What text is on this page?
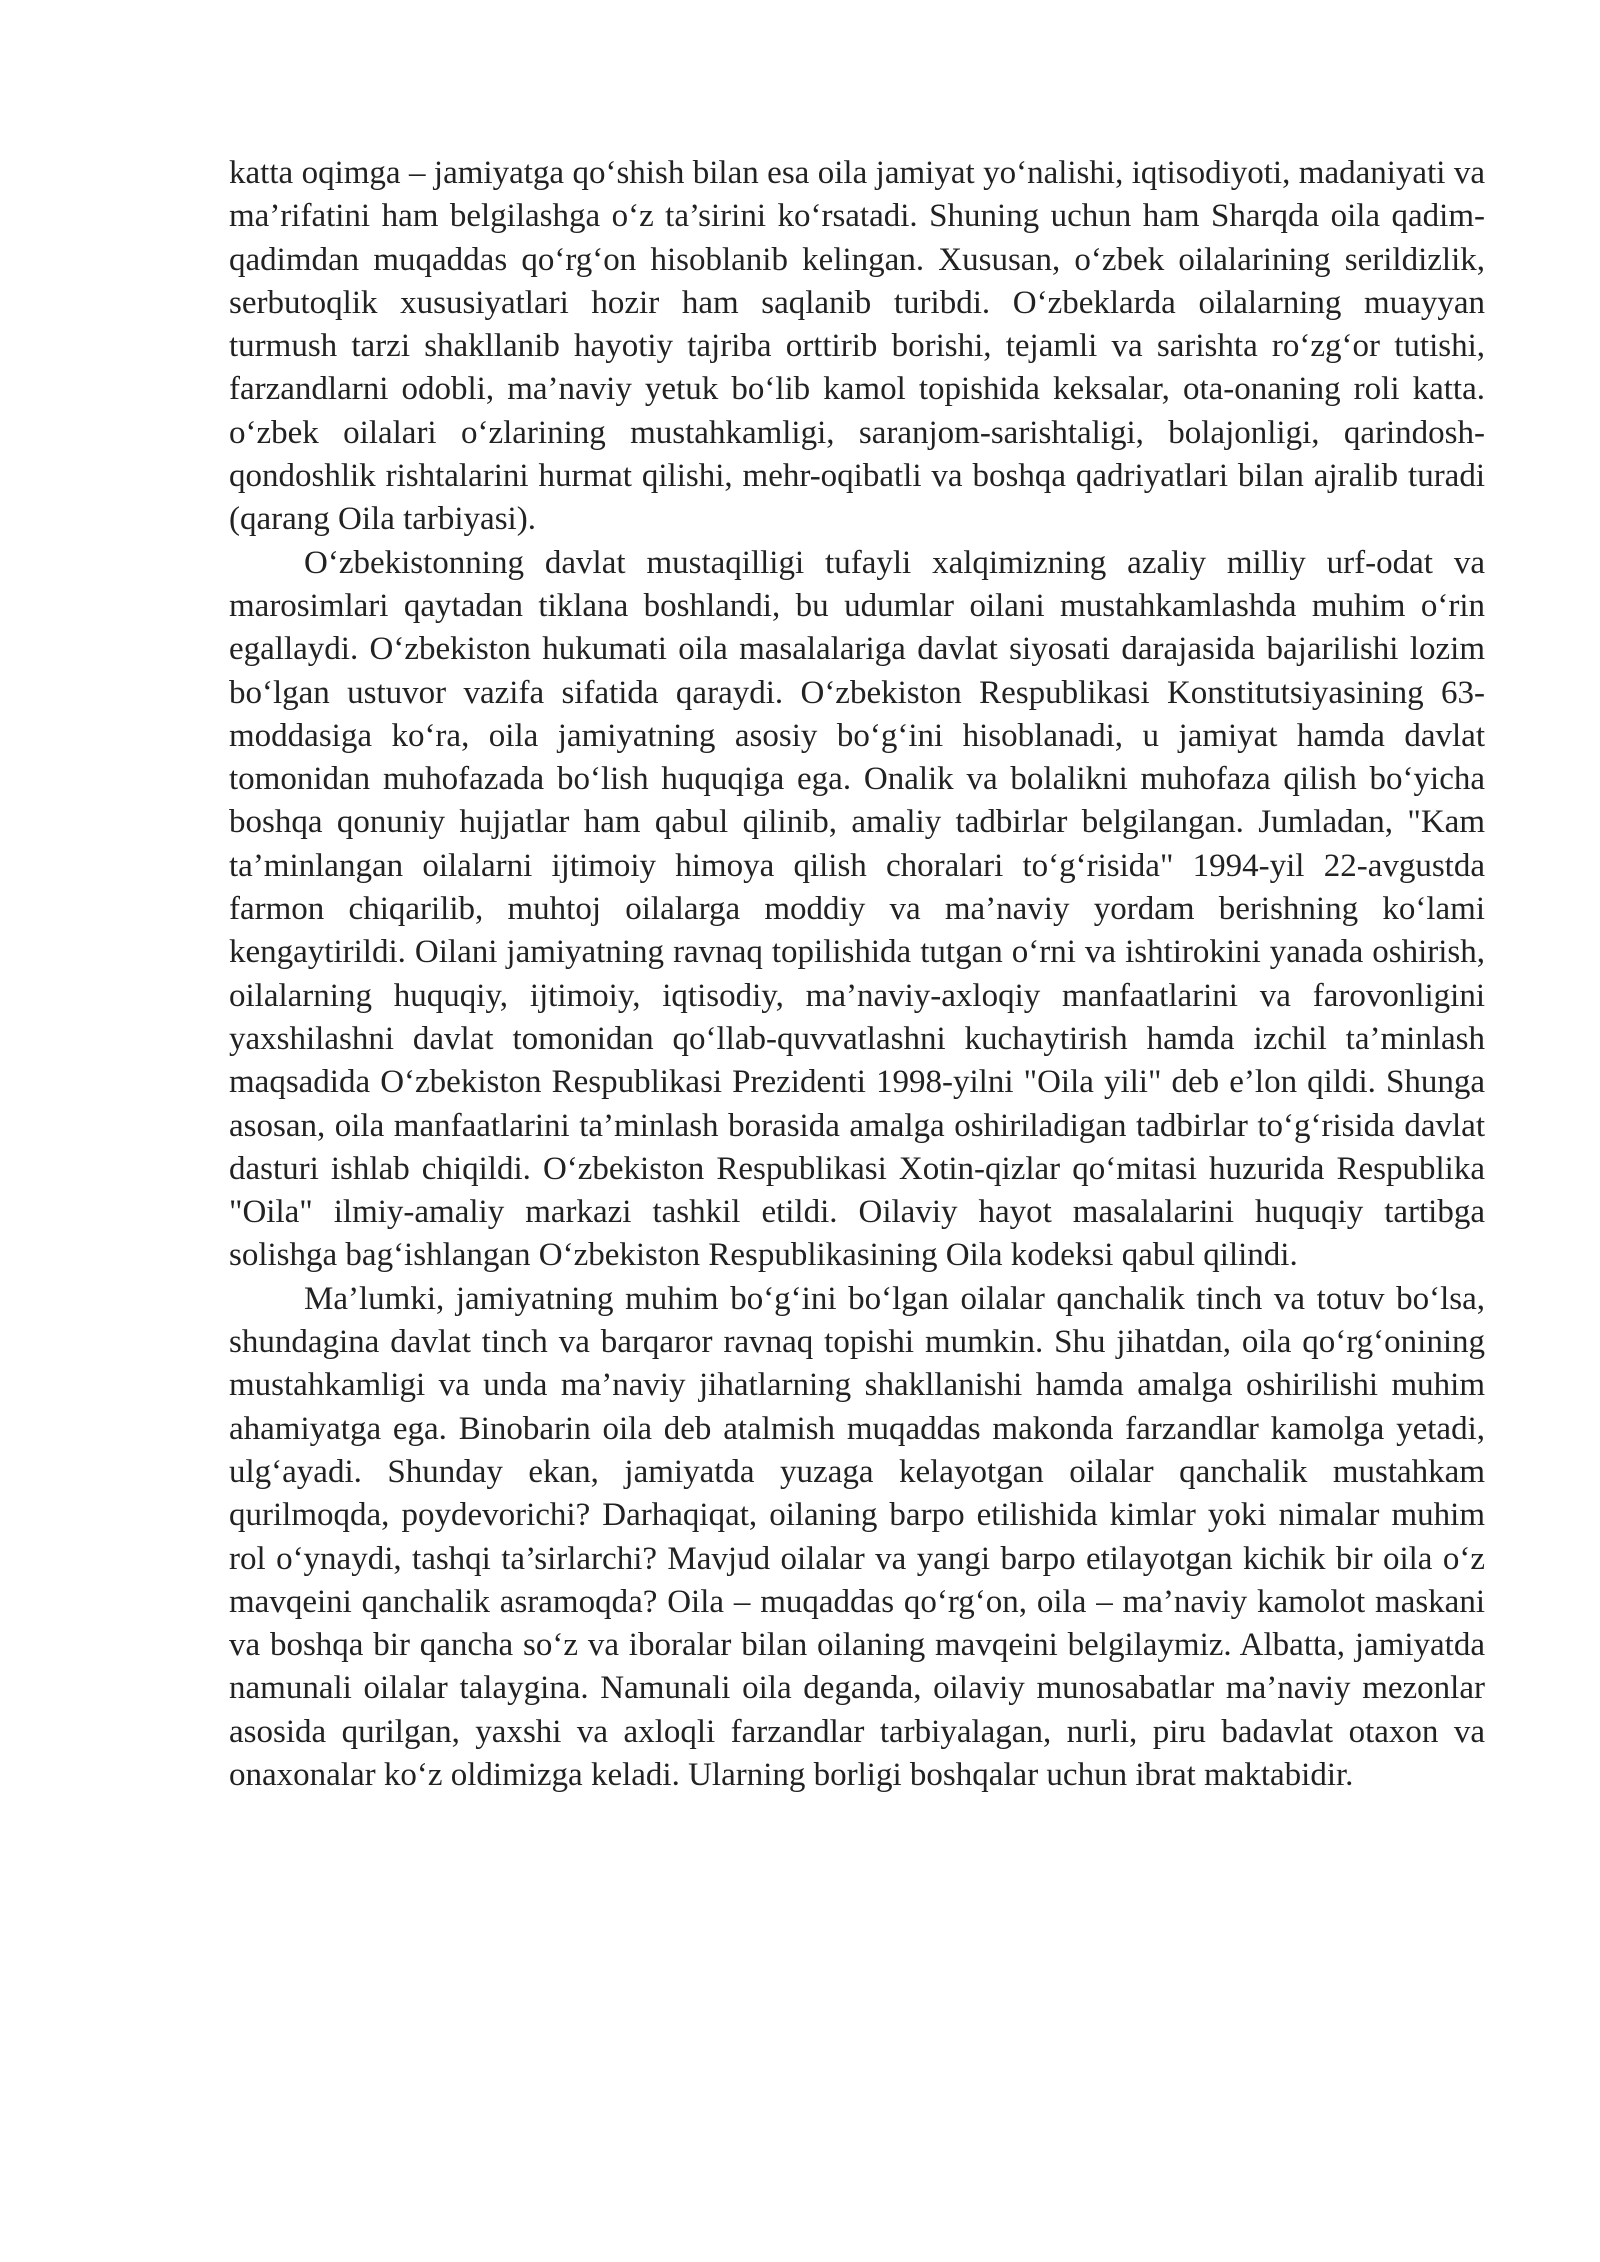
katta oqimga – jamiyatga qo‘shish bilan esa oila jamiyat yo‘nalishi, iqtisodiyoti, madaniyati va ma’rifatini ham belgilashga o‘z ta’sirini ko‘rsatadi. Shuning uchun ham Sharqda oila qadim-qadimdan muqaddas qo‘rg‘on hisoblanib kelingan. Xususan, o‘zbek oilalarining serildizlik, serbutoqlik xususiyatlari hozir ham saqlanib turibdi. O‘zbeklarda oilalarning muayyan turmush tarzi shakllanib hayotiy tajriba orttirib borishi, tejamli va sarishta ro‘zg‘or tutishi, farzandlarni odobli, ma’naviy yetuk bo‘lib kamol topishida keksalar, ota-onaning roli katta. o‘zbek oilalari o‘zlarining mustahkamligi, saranjom-sarishtaligi, bolajonligi, qarindosh-qondoshlik rishtalarini hurmat qilishi, mehr-oqibatli va boshqa qadriyatlari bilan ajralib turadi (qarang Oila tarbiyasi).

O‘zbekistonning davlat mustaqilligi tufayli xalqimizning azaliy milliy urf-odat va marosimlari qaytadan tiklana boshlandi, bu udumlar oilani mustahkamlashda muhim o‘rin egallaydi. O‘zbekiston hukumati oila masalalariga davlat siyosati darajasida bajarilishi lozim bo‘lgan ustuvor vazifa sifatida qaraydi. O‘zbekiston Respublikasi Konstitutsiyasining 63-moddasiga ko‘ra, oila jamiyatning asosiy bo‘g‘ini hisoblanadi, u jamiyat hamda davlat tomonidan muhofazada bo‘lish huquqiga ega. Onalik va bolalikni muhofaza qilish bo‘yicha boshqa qonuniy hujjatlar ham qabul qilinib, amaliy tadbirlar belgilangan. Jumladan, "Kam ta’minlangan oilalarni ijtimoiy himoya qilish choralari to‘g‘risida" 1994-yil 22-avgustda farmon chiqarilib, muhtoj oilalarga moddiy va ma’naviy yordam berishning ko‘lami kengaytirildi. Oilani jamiyatning ravnaq topilishida tutgan o‘rni va ishtirokini yanada oshirish, oilalarning huquqiy, ijtimoiy, iqtisodiy, ma’naviy-axloqiy manfaatlarini va farovonligini yaxshilashni davlat tomonidan qo‘llab-quvvatlashni kuchaytirish hamda izchil ta’minlash maqsadida O‘zbekiston Respublikasi Prezidenti 1998-yilni "Oila yili" deb e’lon qildi. Shunga asosan, oila manfaatlarini ta’minlash borasida amalga oshiriladigan tadbirlar to‘g‘risida davlat dasturi ishlab chiqildi. O‘zbekiston Respublikasi Xotin-qizlar qo‘mitasi huzurida Respublika "Oila" ilmiy-amaliy markazi tashkil etildi. Oilaviy hayot masalalarini huquqiy tartibga solishga bag‘ishlangan O‘zbekiston Respublikasining Oila kodeksi qabul qilindi.

Ma’lumki, jamiyatning muhim bo‘g‘ini bo‘lgan oilalar qanchalik tinch va totuv bo‘lsa, shundagina davlat tinch va barqaror ravnaq topishi mumkin. Shu jihatdan, oila qo‘rg‘onining mustahkamligi va unda ma’naviy jihatlarning shakllanishi hamda amalga oshirilishi muhim ahamiyatga ega. Binobarin oila deb atalmish muqaddas makonda farzandlar kamolga yetadi, ulg‘ayadi. Shunday ekan, jamiyatda yuzaga kelayotgan oilalar qanchalik mustahkam qurilmoqda, poydevorichi? Darhaqiqat, oilaning barpo etilishida kimlar yoki nimalar muhim rol o‘ynaydi, tashqi ta’sirlarchi? Mavjud oilalar va yangi barpo etilayotgan kichik bir oila o‘z mavqeini qanchalik asramoqda? Oila – muqaddas qo‘rg‘on, oila – ma’naviy kamolot maskani va boshqa bir qancha so‘z va iboralar bilan oilaning mavqeini belgilaymiz. Albatta, jamiyatda namunali oilalar talaygina. Namunali oila deganda, oilaviy munosabatlar ma’naviy mezonlar asosida qurilgan, yaxshi va axloqli farzandlar tarbiyalagan, nurli, piru badavlat otaxon va onaxonalar ko‘z oldimizga keladi. Ularning borligi boshqalar uchun ibrat maktabidir.
